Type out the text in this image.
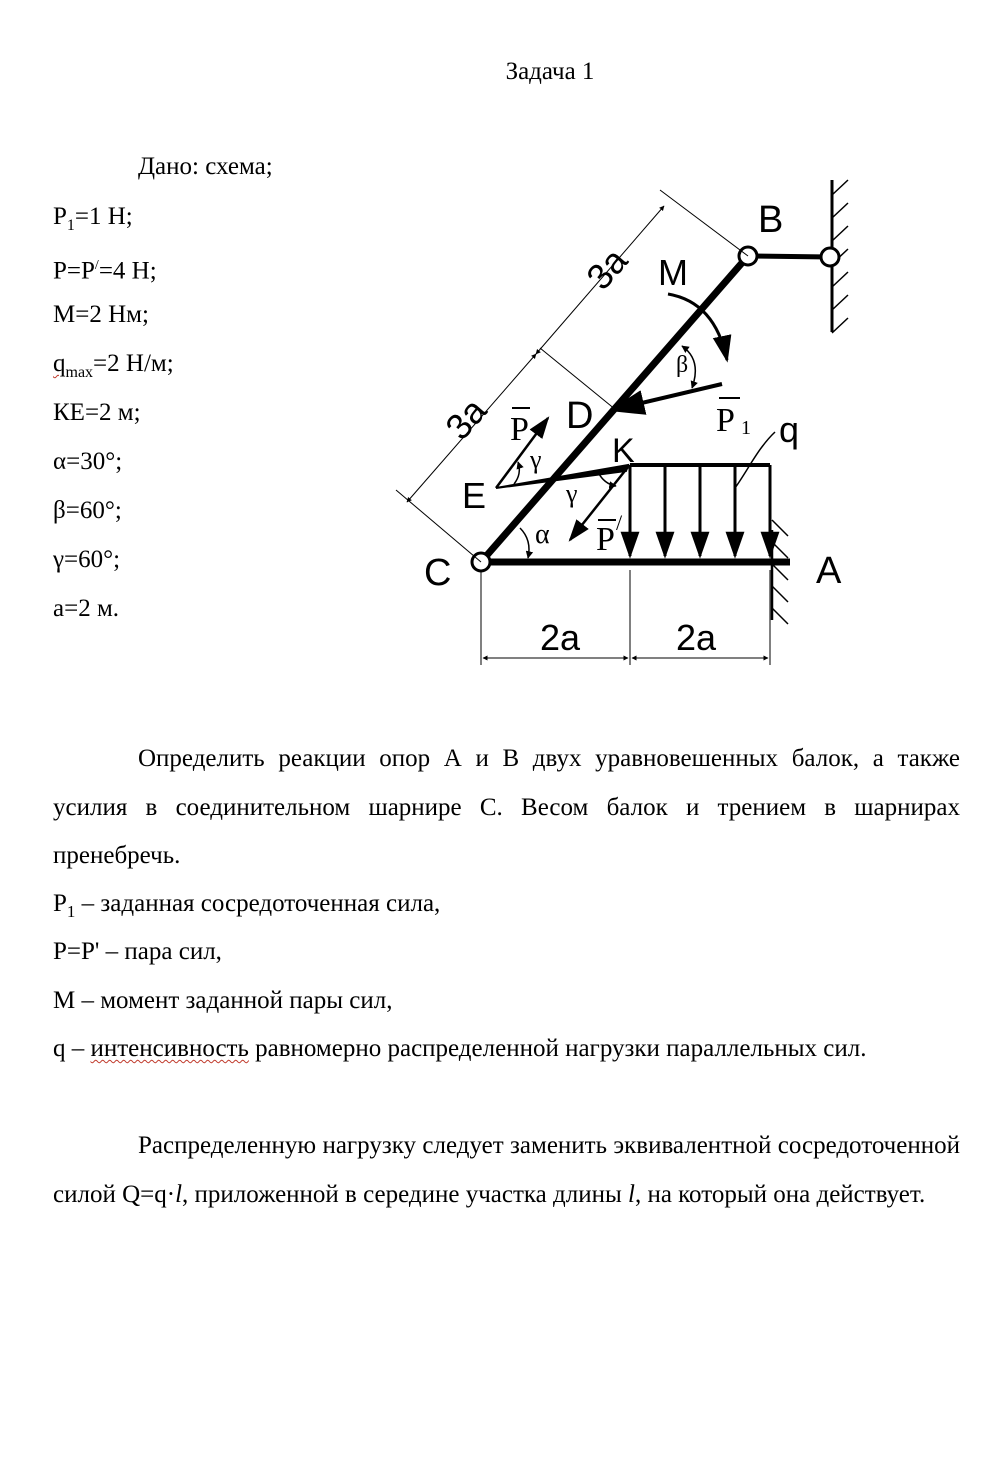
Задача 1
Дано: схема;
$P_1=1$ Н;
P=P/=4 Н;
М=2 Нм;
$q_{max}=2$ Н/м;
КЕ=2 м;
α=30°;
β=60°;
γ=60°;
а=2 м.
B
M
D
K
E
C	A
q
3a
3a
2a	2a
α
β
γ
γ
P	P 1
P /

Определить реакции опор А и В двух уравновешенных балок, а также усилия в соединительном шарнире С. Весом балок и трением в шарнирах пренебречь.

$P_1$ – заданная сосредоточенная сила,
P=P' – пара сил,
М – момент заданной пары сил,

q – интенсивность равномерно распределенной нагрузки параллельных сил.

Распределенную нагрузку следует заменить эквивалентной сосредоточенной силой Q=q·l, приложенной в середине участка длины l, на который она действует.
